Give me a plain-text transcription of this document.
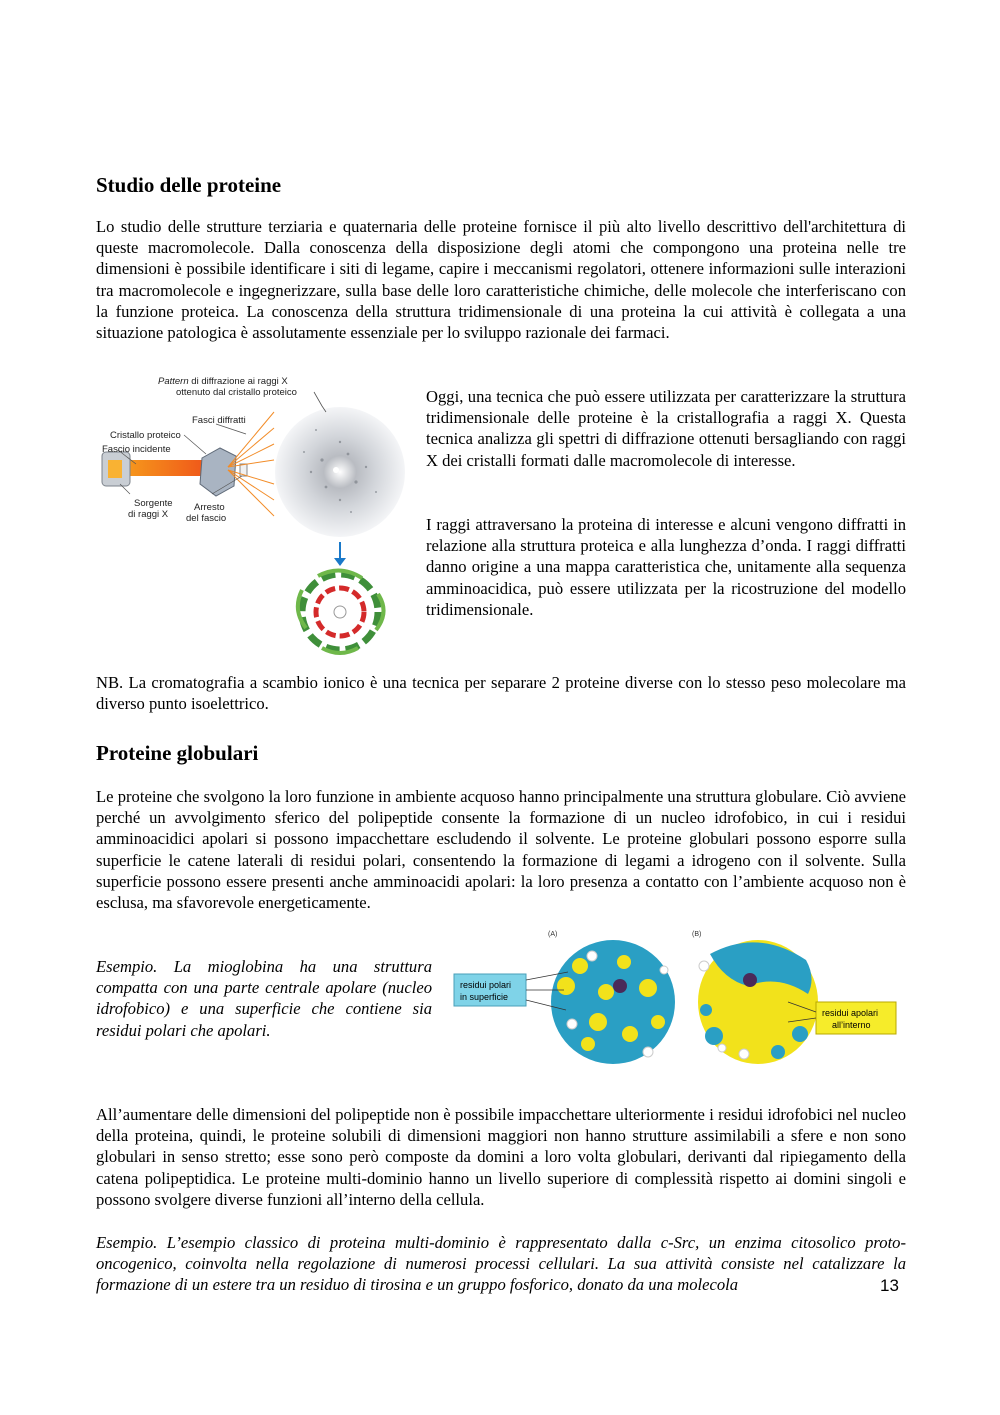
Studio delle proteine
Lo studio delle strutture terziaria e quaternaria delle proteine fornisce il più alto livello descrittivo dell'architettura di queste macromolecole. Dalla conoscenza della disposizione degli atomi che compongono una proteina nelle tre dimensioni è possibile identificare i siti di legame, capire i meccanismi regolatori, ottenere informazioni sulle interazioni tra macromolecole e ingegnerizzare, sulla base delle loro caratteristiche chimiche, delle molecole che interferiscano con la funzione proteica. La conoscenza della struttura tridimensionale di una proteina la cui attività è collegata a una situazione patologica è assolutamente essenziale per lo sviluppo razionale dei farmaci.
Pattern di diffrazione ai raggi X
ottenuto dal cristallo proteico
Fasci diffratti
Cristallo proteico
Fascio incidente
Sorgente
di raggi X
Arresto
del fascio
Oggi, una tecnica che può essere utilizzata per caratterizzare la struttura tridimensionale delle proteine è la cristallografia a raggi X. Questa tecnica analizza gli spettri di diffrazione ottenuti bersagliando con raggi X dei cristalli formati dalle macromolecole di interesse.
I raggi attraversano la proteina di interesse e alcuni vengono diffratti in relazione alla struttura proteica e alla lunghezza d’onda. I raggi diffratti danno origine a una mappa caratteristica che, unitamente alla sequenza amminoacidica, può essere utilizzata per la ricostruzione del modello tridimensionale.
NB. La cromatografia a scambio ionico è una tecnica per separare 2 proteine diverse con lo stesso peso molecolare ma diverso punto isoelettrico.
Proteine globulari
Le proteine che svolgono la loro funzione in ambiente acquoso hanno principalmente una struttura globulare. Ciò avviene perché un avvolgimento sferico del polipeptide consente la formazione di un nucleo idrofobico, in cui i residui amminoacidici apolari si possono impacchettare escludendo il solvente. Le proteine globulari possono esporre sulla superficie le catene laterali di residui polari, consentendo la formazione di legami a idrogeno con il solvente. Sulla superficie possono essere presenti anche amminoacidi apolari: la loro presenza a contatto con l’ambiente acquoso non è esclusa, ma sfavorevole energeticamente.
Esempio. La mioglobina ha una struttura compatta con una parte centrale apolare (nucleo idrofobico) e una superficie che contiene sia residui polari che apolari.
(A)	(B)
residui polari
in superficie
residui apolari
all’interno
All’aumentare delle dimensioni del polipeptide non è possibile impacchettare ulteriormente i residui idrofobici nel nucleo della proteina, quindi, le proteine solubili di dimensioni maggiori non hanno strutture assimilabili a sfere e non sono globulari in senso stretto; esse sono però composte da domini a loro volta globulari, derivanti dal ripiegamento della catena polipeptidica. Le proteine multi-dominio hanno un livello superiore di complessità rispetto ai domini singoli e possono svolgere diverse funzioni all’interno della cellula.
Esempio. L’esempio classico di proteina multi-dominio è rappresentato dalla c-Src, un enzima citosolico proto-oncogenico, coinvolta nella regolazione di numerosi processi cellulari. La sua attività consiste nel catalizzare la formazione di un estere tra un residuo di tirosina e un gruppo fosforico, donato da una molecola	13
